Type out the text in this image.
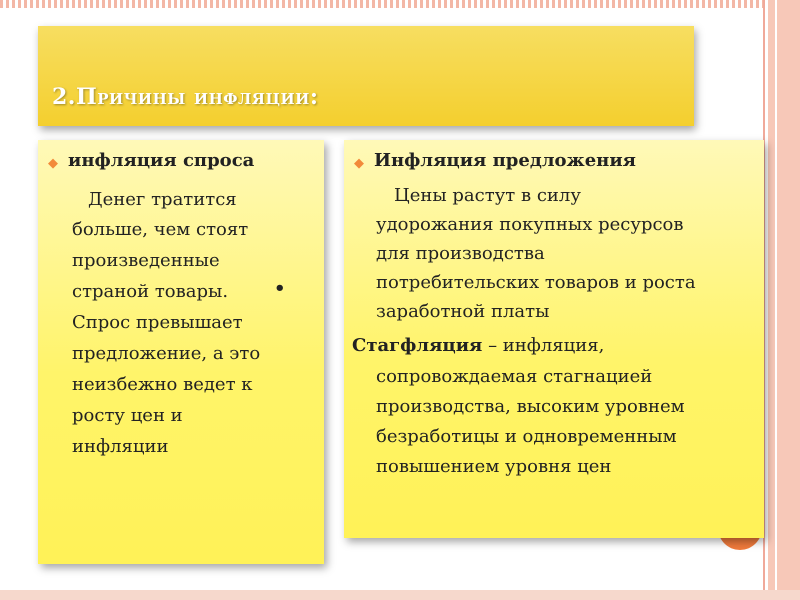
2.Причины инфляции:
◆ инфляция спроса
Денег тратится
больше, чем стоят
произведенные
страной товары.	•
Спрос превышает
предложение, а это
неизбежно ведет к
росту цен и
инфляции
◆ Инфляция предложения
Цены растут в силу
удорожания покупных ресурсов
для производства
потребительских товаров и роста
заработной платы
Стагфляция – инфляция,
сопровождаемая стагнацией
производства, высоким уровнем
безработицы и одновременным
повышением уровня цен
